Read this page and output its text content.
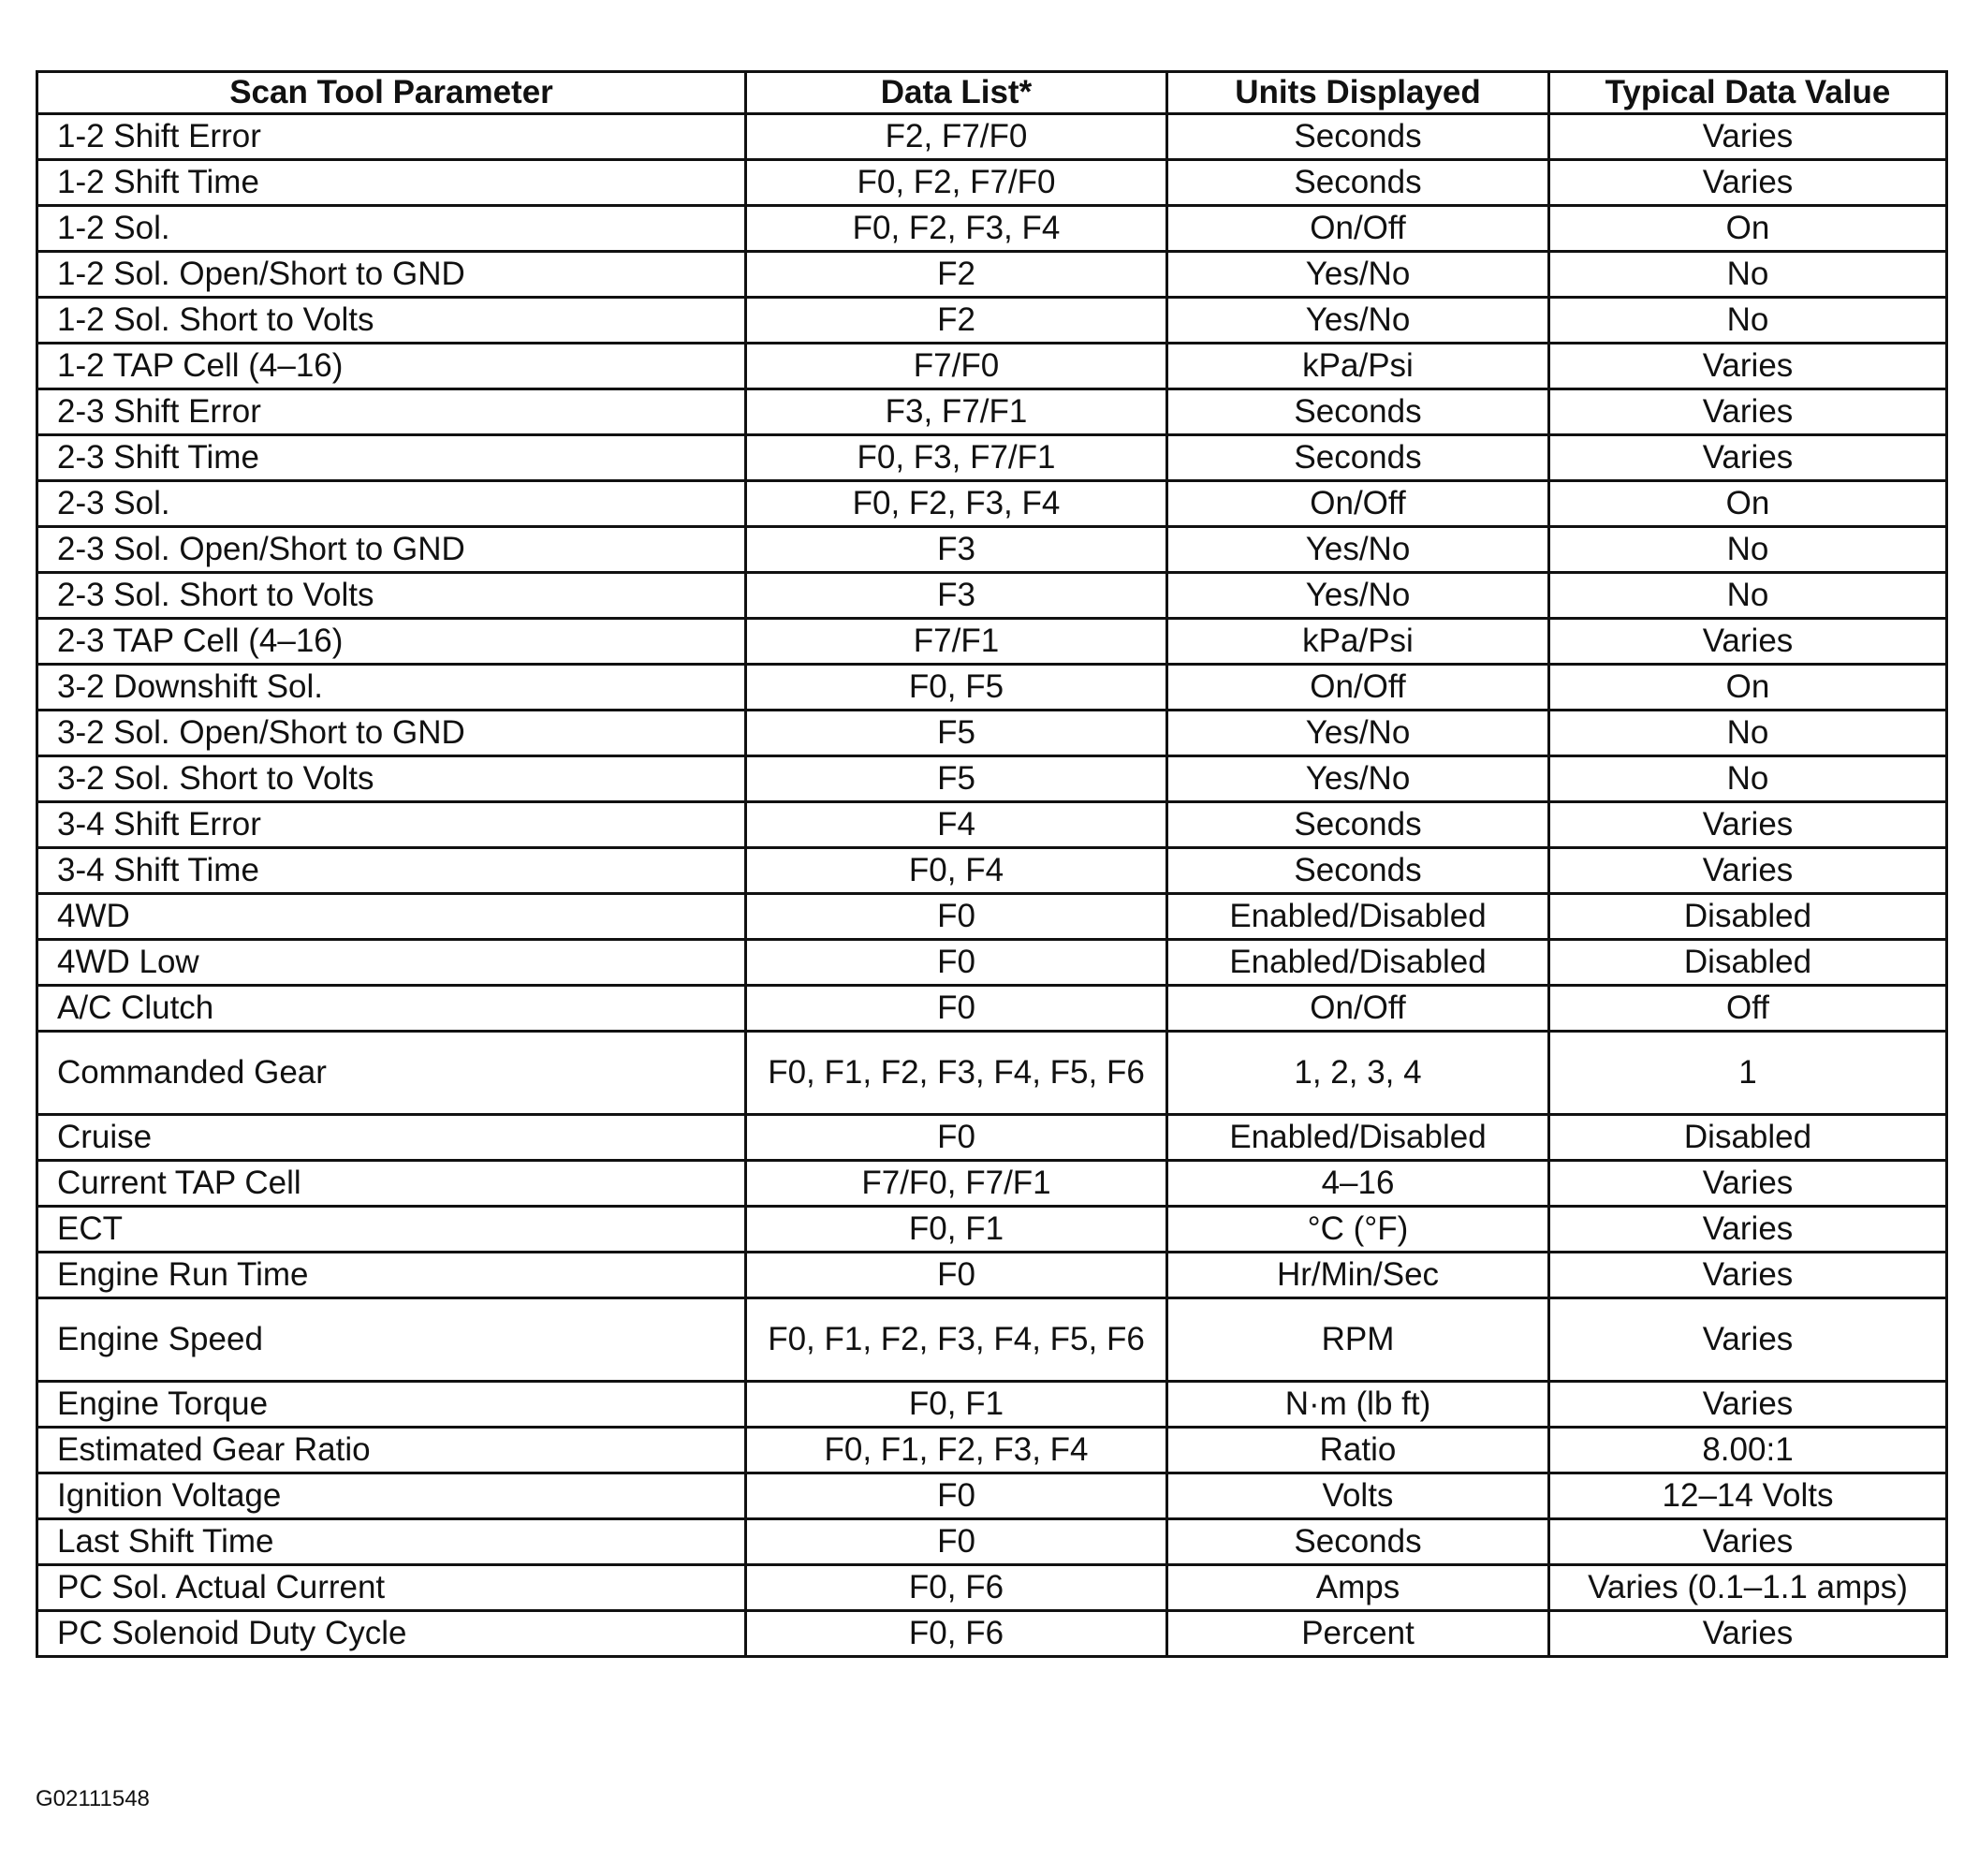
Scan Tool Parameter	Data List*	Units Displayed	Typical Data Value
1-2 Shift Error	F2, F7/F0	Seconds	Varies
1-2 Shift Time	F0, F2, F7/F0	Seconds	Varies
1-2 Sol.	F0, F2, F3, F4	On/Off	On
1-2 Sol. Open/Short to GND	F2	Yes/No	No
1-2 Sol. Short to Volts	F2	Yes/No	No
1-2 TAP Cell (4–16)	F7/F0	kPa/Psi	Varies
2-3 Shift Error	F3, F7/F1	Seconds	Varies
2-3 Shift Time	F0, F3, F7/F1	Seconds	Varies
2-3 Sol.	F0, F2, F3, F4	On/Off	On
2-3 Sol. Open/Short to GND	F3	Yes/No	No
2-3 Sol. Short to Volts	F3	Yes/No	No
2-3 TAP Cell (4–16)	F7/F1	kPa/Psi	Varies
3-2 Downshift Sol.	F0, F5	On/Off	On
3-2 Sol. Open/Short to GND	F5	Yes/No	No
3-2 Sol. Short to Volts	F5	Yes/No	No
3-4 Shift Error	F4	Seconds	Varies
3-4 Shift Time	F0, F4	Seconds	Varies
4WD	F0	Enabled/Disabled	Disabled
4WD Low	F0	Enabled/Disabled	Disabled
A/C Clutch	F0	On/Off	Off
Commanded Gear	F0, F1, F2, F3, F4, F5, F6	1, 2, 3, 4	1
Cruise	F0	Enabled/Disabled	Disabled
Current TAP Cell	F7/F0, F7/F1	4–16	Varies
ECT	F0, F1	°C (°F)	Varies
Engine Run Time	F0	Hr/Min/Sec	Varies
Engine Speed	F0, F1, F2, F3, F4, F5, F6	RPM	Varies
Engine Torque	F0, F1	N·m (lb ft)	Varies
Estimated Gear Ratio	F0, F1, F2, F3, F4	Ratio	8.00:1
Ignition Voltage	F0	Volts	12–14 Volts
Last Shift Time	F0	Seconds	Varies
PC Sol. Actual Current	F0, F6	Amps	Varies (0.1–1.1 amps)
PC Solenoid Duty Cycle	F0, F6	Percent	Varies
G02111548
